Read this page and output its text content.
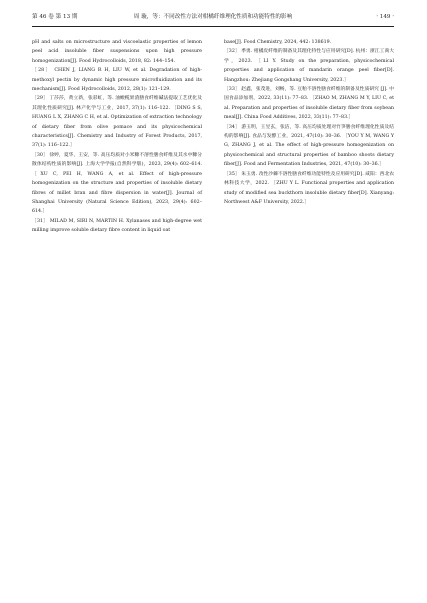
第 46 卷 第 13 期	周 璇，等：不同改性方法对柑橘纤维理化性质和功能特性的影响	· 149 ·

pH and salts on microstructure and viscoelastic properties of lemon peel acid insoluble fiber suspensions upon high pressure homogenization[J]. Food Hydrocolloids, 2018, 82: 144–154.

［28］ CHEN J, LIANG R H, LIU W, et al. Degradation of high-methoxyl pectin by dynamic high pressure microfluidization and its mechanism[J]. Food Hydrocolloids, 2012, 28(1): 121–129.

［29］ 丁莎莎，黄立新，张彩虹，等. 油橄榄果渣膳食纤维碱法提取工艺优化及其理化性质研究[J]. 林产化学与工业，2017, 37(1): 116–122. ［DING S S, HUANG L X, ZHANG C H, et al. Optimization of extraction technology of dietary fiber from olive pomace and its physicochemical characteristics[J]. Chemistry and Industry of Forest Products, 2017, 37(1): 116–122.］

［30］ 徐婷，夏华，王安，等. 高压均质对小米糠不溶性膳食纤维及其水中糠分散体结构性质的影响[J]. 上海大学学报(自然科学版)，2023, 29(4): 602–614. ［XU C, PEI H, WANG A, et al. Effect of high-pressure homogenization on the structure and properties of insoluble dietary fibres of millet bran and fibre dispersion in water[J]. Journal of Shanghai University (Natural Science Edition), 2023, 29(4): 602–614.］

［31］ MILAD M, SIRI N, MARTIN H. Xylanases and high-degree wet milling improve soluble dietary fibre content in liquid oat

base[J]. Food Chemistry, 2024, 442: 138619.

［32］ 季勇. 柑橘皮纤维的制备及其理化特性与应用研究[D]. 杭州：浙江工商大学，2023. ［LI Y. Study on the preparation, physicochemical properties and application of mandarin orange peel fiber[D]. Hangzhou: Zhejiang Gongshang University, 2023.］

［33］ 赵鑫，张茂进，刘畅，等. 豆粕不溶性膳食纤维的制备及性质研究 [J]. 中国食品添加剂，2022, 33(11): 77–83. ［ZHAO M, ZHANG M Y, LIU C, et al. Preparation and properties of insoluble dietary fiber from soybean meal[J]. China Food Additives, 2022, 33(11): 77–83.］

［34］ 游玉明，王昱玄，张洁，等. 高压均质处理对竹笋膳食纤维理化性质及结构的影响[J]. 食品与发酵工业，2021, 47(10): 30–36. ［YOU Y M, WANG Y G, ZHANG J, et al. The effect of high-pressure homogenization on physicochemical and structural properties of bamboo shoots dietary fiber[J]. Food and Fermentation Industries, 2021, 47(10): 30–36.］

［35］ 朱玉勇. 改性沙棘不溶性膳食纤维功能特性及应用研究[D]. 咸阳：西北农林科技大学，2022. ［ZHU Y L. Functional properties and application study of modified sea buckthorn insoluble dietary fiber[D]. Xianyang: Northwest A&F University, 2022.］
